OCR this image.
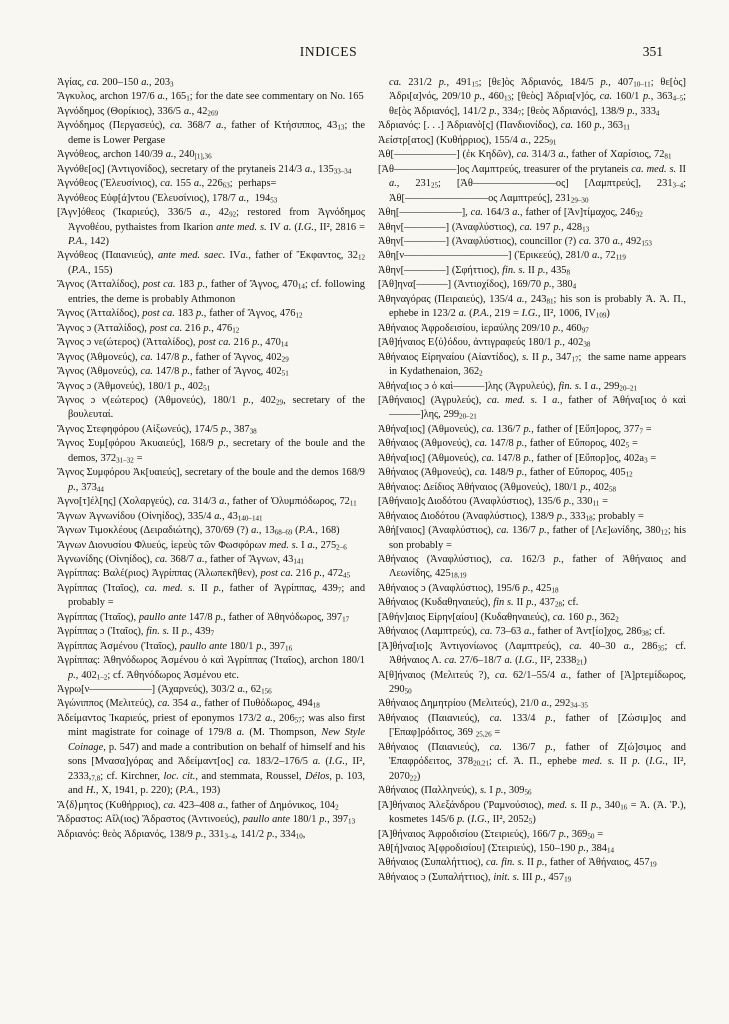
INDICES	351
Ἁγίας, ca. 200–150 a., $203_3$
Ἄγκυλος, archon 197/6 a., $165_1$; for the date see commentary on No. 165
Ἁγνόδημος (Θορίκιος), 336/5 a., $42_{269}$
Ἁγνόδημος (Περγασεύς), ca. 368/7 a., father of Κτήσιππος, $43_{13}$; the deme is Lower Pergase
Ἁγνόθεος, archon 140/39 a., $240_{[1],36}$
Ἁγνόθε[ος] (Ἀντιγονίδος), secretary of the prytaneis 214/3 a., $135_{33-34}$
Ἁγνόθεος (Ἐλευσίνιος), ca. 155 a., $226_{63}$;  perhaps=
Ἁγνόθεος Εὐφ[ά]ντου (Ἐλευσίνιος), 178/7 a.,  $194_{53}$
[Ἁγν]όθεος (Ἰκαριεύς), 336/5 a., $42_{92}$; restored from Ἁγνόδημος Ἁγνοθέου, pythaistes from Ikarion ante med. s. IV a. (I.G., II², 2816 = P.A., 142)
Ἁγνόθεος (Παιανιεύς), ante med. saec. IVa., father of Ἔκφαντος, $32_{12}$ (P.A., 155)
Ἄγνος (Ἀτταλίδος), post ca. 183 p., father of Ἄγνος, $470_{14}$; cf. following entries, the deme is probably Athmonon
Ἄγνος (Ἀτταλίδος), post ca. 183 p., father of Ἄγνος, $476_{12}$
Ἄγνος ɔ (Ἀτταλίδος), post ca. 216 p., $476_{12}$
Ἄγνος ɔ νε(ώτερος) (Ἀτταλίδος), post ca. 216 p., $470_{14}$
Ἄγνος (Ἀθμονεύς), ca. 147/8 p., father of Ἄγνος, $402_{29}$
Ἄγνος (Ἀθμονεύς), ca. 147/8 p., father of Ἄγνος, $402_{51}$
Ἄγνος ɔ (Ἀθμονεύς), 180/1 p., $402_{51}$
Ἄγνος ɔ ν(εώτερος) (Ἀθμονεύς), 180/1 p., $402_{29}$, secretary of the βουλευταί.
Ἄγνος Στεφηφόρου (Αἰξωνεύς), 174/5 p., $387_{38}$
Ἄγνος Συμ[φόρου Ἀκυαιεύς], 168/9 p., secretary of the boule and the demos, $372_{31-32}$ =
Ἄγνος Συμφόρου Ἀκ[υαιεύς], secretary of the boule and the demos 168/9 p., $373_{44}$
Ἁγνο[τ]έλ[ης] (Χολαργεύς), ca. 314/3 a., father of Ὀλυμπιόδωρος, $72_{11}$
Ἄγνων Ἁγνωνίδου (Οἰνηίδος), 335/4 a., $43_{140-141}$
Ἄγνων Τιμοκλέους (Δειραδιώτης), 370/69 (?) a., $13_{68-69}$ (P.A., 168)
Ἄγνων Διονυσίου Φλυεύς, ἱερεὺς τῶν Φωσφόρων med. s. I a., $275_{2-6}$
Ἁγνωνίδης (Οἰνηίδος), ca. 368/7 a., father of Ἄγνων, $43_{141}$
Ἀγρίππας: Βαλέ(ριος) Ἀγρίππας (Ἀλωπεκῆθεν), post ca. 216 p., $472_{45}$
Ἀγρίππας (Ἰταῖος), ca. med. s. II p., father of Ἀγρίππας, $439_7$; and probably =
Ἀγρίππας (Ἰταῖος), paullo ante 147/8 p., father of Ἀθηνόδωρος, $397_{17}$
Ἀγρίππας ɔ (Ἰταῖος), fin. s. II p., $439_7$
Ἀγρίππας Ἀσμένου (Ἰταῖος), paullo ante 180/1 p., $397_{16}$
Ἀγρίππας: Ἀθηνόδωρος Ἀσμένου ὁ καὶ Ἀγρίππας (Ἰταῖος), archon 180/1 p., $402_{1-2}$; cf. Ἀθηνόδωρος Ἀσμένου etc.
Ἀγρω[ν——————] (Ἀχαρνεύς), 303/2 a., $62_{156}$
Ἀγώνιππος (Μελιτεύς), ca. 354 a., father of Πυθόδωρος, $494_{18}$
Ἀδείμαντος Ἰκαριεύς, priest of eponymos 173/2 a., $206_{57}$; was also first mint magistrate for coinage of 179/8 a. (M. Thompson, New Style Coinage, p. 547) and made a contribution on behalf of himself and his sons [Μνασα]γόρας and Ἀδείμαντ[ος] ca. 183/2–176/5 a. (I.G., II², $2333,_{7,8}$; cf. Kirchner, loc. cit., and stemmata, Roussel, Délos, p. 103, and H., X, 1941, p. 220); (P.A., 193)
Ἄ⟨δ⟩μητος (Κυθήρριος), ca. 423–408 a., father of Δημόνικος, $104_2$
Ἄδραστος: Αἴλ(ιος) Ἄδραστος (Ἀντινοεύς), paullo ante 180/1 p., $397_{13}$
Ἀδριανός: θεὸς Ἀδριανός, 138/9 p., $331_{3-4}$, 141/2 p., $334_{10}$,
ca. 231/2 p., $491_{15}$; [θε]ὸς Ἀδριανός, 184/5 p., $407_{10-11}$; θε[ὸς] Ἀδρι[α]νός, 209/10 p., $460_{13}$; [θεὸς] Ἀδρια[ν]ός, ca. 160/1 p., $363_{4-5}$; θε[ὸς Ἀδριανός], 141/2 p., $334_7$; [θεὸς Ἀδριανός], 138/9 p., $333_4$
Ἀδριανός: [. . .] Ἀδριανὸ[ς] (Πανδιονίδος), ca. 160 p., $363_{11}$
Ἀείστρ[ατος] (Κυθήρριος), 155/4 a., $225_{91}$
Ἀθ[——————] (ἐκ Κηδῶν), ca. 314/3 a., father of Χαρίσιος, $72_{81}$
[Ἀθ——————]ος Λαμπτρεύς, treasurer of the prytaneis ca. med. s. II a., $231_{25}$; [Ἀθ————————ος] [Λαμπτρεύς], $231_{3-4}$; Ἀθ[————————ος Λαμπτρεύς], $231_{29-30}$
Ἀθη[——————], ca. 164/3 a., father of [Ἀν]τίμαχος, $246_{32}$
Ἀθην[————] (Ἀναφλύστιος), ca. 197 p., $428_{13}$
Ἀθην[————] (Ἀναφλύστιος), councillor (?) ca. 370 a., $492_{153}$
Ἀθη[ν——————————] (Ἐρικεεύς), 281/0 a., $72_{119}$
Ἀθην[————] (Σφήττιος), fin. s. II p., $435_8$
[Ἀθ]ηνα[———] (Ἀντιοχίδος), 169/70 p., $380_4$
Ἀθηναγόρας (Πειραιεύς), 135/4 a., $243_{81}$; his son is probably Ἀ. Ἀ. Π., ephebe in 123/2 a. (P.A., 219 = I.G., II², 1006, $IV_{109}$)
Ἀθήναιος Ἀφροδεισίου, ἱεραύλης 209/10 p., $460_{97}$
[Ἀθ]ήναιος Ε⟨ὐ⟩όδου, ἀντιγραφεύς 180/1 p., $402_{38}$
Ἀθήναιος Εἰρηναίου (Αἰαντίδος), s. II p., $347_{17}$;  the same name appears in Kydathenaion, $362_2$
Ἀθήνα[ιος ɔ ὁ καὶ———]λης (Ἀγρυλεύς), fin. s. I a., $299_{20-21}$
[Ἀθήναιος] (Ἀγρυλεύς), ca. med. s. I a., father of Ἀθήνα[ιος ὁ καὶ———]λης, $299_{20-21}$
Ἀθήνα[ιος] (Ἀθμονεύς), ca. 136/7 p., father of [Εὔπ]ορος, $377_7$ =
Ἀθήναιος (Ἀθμονεύς), ca. 147/8 p., father of Εὔπορος, $402_5$ =
Ἀθήνα[ιος] (Ἀθμονεύς), ca. 147/8 p., father of [Εὔπορ]ος, $402a_3$ =
Ἀθήναιος (Ἀθμονεύς), ca. 148/9 p., father of Εὔπορος, $405_{12}$
Ἀθήναιος: Δείδιος Ἀθήναιος (Ἀθμονεύς), 180/1 p., $402_{58}$
[Ἀθήναιο]ς Διοδότου (Ἀναφλύστιος), 135/6 p., $330_{11}$ =
Ἀθήναιος Διοδότου (Ἀναφλύστιος), 138/9 p., $333_{18}$; probably =
Ἀθή[ναιος] (Ἀναφλύστιος), ca. 136/7 p., father of [Λε]ωνίδης, $380_{12}$; his son probably =
Ἀθήναιος (Ἀναφλύστιος), ca. 162/3 p., father of Ἀθήναιος and Λεωνίδης, $425_{18,19}$
Ἀθήναιος ɔ (Ἀναφλύστιος), 195/6 p., $425_{18}$
Ἀθήναιος (Κυδαθηναιεύς), fin s. II p., $437_{28}$; cf.
[Ἀθήν]αιος Εἰρην[αίου] (Κυδαθηναιεύς), ca. 160 p., $362_2$
Ἀθήναιος (Λαμπτρεύς), ca. 73–63 a., father of Ἀντ[ίο]χος, $286_{38}$; cf.
[Ἀ]θήνα[ιο]ς Ἀντιγονίωνος (Λαμπτρεύς), ca. 40–30 a., $286_{35}$; cf. Ἀθήναιος Λ. ca. 27/6–18/7 a. (I.G., II², $2338_{21}$)
Ἀ[θ]ήναιος (Μελιτεύς ?), ca. 62/1–55/4 a., father of [Ἀ]ρτεμίδωρος, $290_{50}$
Ἀθήναιος Δημητρίου (Μελιτεύς), 21/0 a., $292_{34-35}$
Ἀθήναιος (Παιανιεύς), ca. 133/4 p., father of [Ζώσιμ]ος and [Ἐπαφ]ρόδιτος, 369 $_{25,26}$ =
Ἀθήναιος (Παιανιεύς), ca. 136/7 p., father of Ζ[ώ]σιμος and Ἐπαφρόδειτος, $378_{20,21}$; cf. Ἀ. Π., ephebe med. s. II p. (I.G., II², $2070_{22}$)
Ἀθήναιος (Παλληνεύς), s. I p., $309_{56}$
[Ἀ]θήναιος Ἀλεξάνδρου (Ῥαμνούσιος), med. s. II p., $340_{16}$ = Ἀ. (Ἀ. Ῥ.), kosmetes 145/6 p. (I.G., II², $2052_5$)
[Ἀ]θήναιος Ἀφροδισίου (Στειριεύς), 166/7 p., $369_{50}$ =
Ἀθ[ή]ναιος Ἀ[φροδισίου] (Στειριεύς), 150–190 p., $384_{14}$
Ἀθήναιος (Συπαλήττιος), ca. fin. s. II p., father of Ἀθήναιος, $457_{19}$
Ἀθήναιος ɔ (Συπαλήττιος), init. s. III p., $457_{19}$
